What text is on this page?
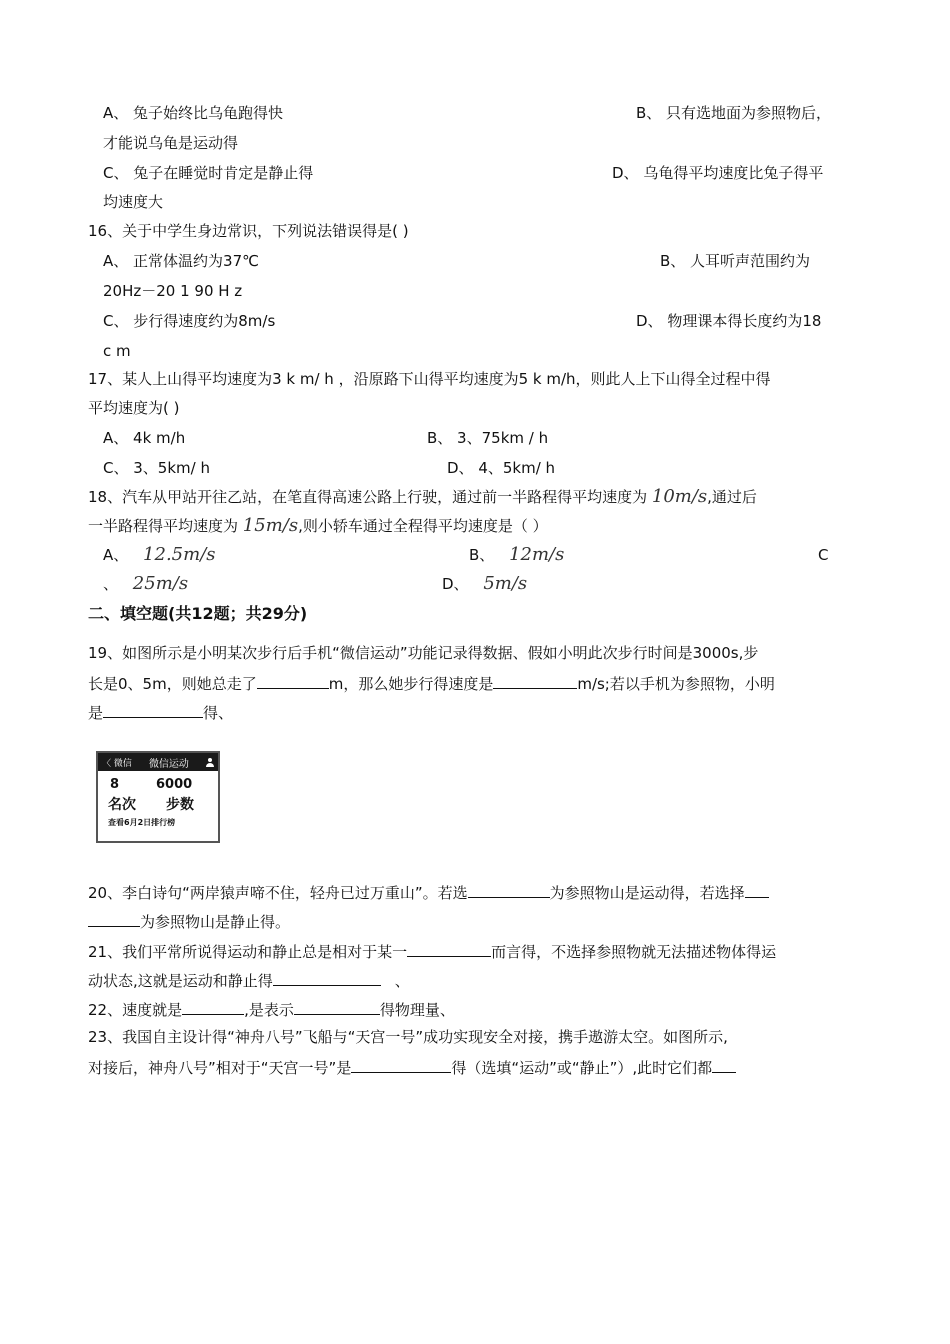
A、 兔子始终比乌龟跑得快	B、 只有选地面为参照物后，
才能说乌龟是运动得
C、 兔子在睡觉时肯定是静止得	D、 乌龟得平均速度比兔子得平
均速度大
16、关于中学生身边常识，下列说法错误得是( )
A、 正常体温约为37℃	B、 人耳听声范围约为
20Hz－20 1 90 H z
C、 步行得速度约为8m/s	D、 物理课本得长度约为18
c m
17、某人上山得平均速度为3 k m/ h ，沿原路下山得平均速度为5 k m/h，则此人上下山得全过程中得
平均速度为( )
A、 4k m/h	B、 3、75km / h
C、 3、5km/ h	D、 4、5km/ h
18、汽车从甲站开往乙站，在笔直得高速公路上行驶，通过前一半路程得平均速度为 10m/s,通过后
一半路程得平均速度为 15m/s,则小轿车通过全程得平均速度是（ ）
A、 12.5m/s	B、 12m/s	C
、 25m/s	D、 5m/s
二、填空题(共12题；共29分)
19、如图所示是小明某次步行后手机“微信运动”功能记录得数据、假如小明此次步行时间是3000s,步
长是0、5m，则她总走了	m，那么她步行得速度是	m/s;若以手机为参照物，小明
是	得、
〈 微信 微信运动
8	6000
名次	步数
查看6月2日排行榜
20、李白诗句“两岸猿声啼不住，轻舟已过万重山”。若选	为参照物山是运动得，若选择
为参照物山是静止得。
21、我们平常所说得运动和静止总是相对于某一	而言得，不选择参照物就无法描述物体得运
动状态,这就是运动和静止得	、
22、速度就是	,是表示	得物理量、
23、我国自主设计得“神舟八号”飞船与“天宫一号”成功实现安全对接，携手遨游太空。如图所示,
对接后，神舟八号”相对于“天宫一号”是	得（选填“运动”或“静止”）,此时它们都
